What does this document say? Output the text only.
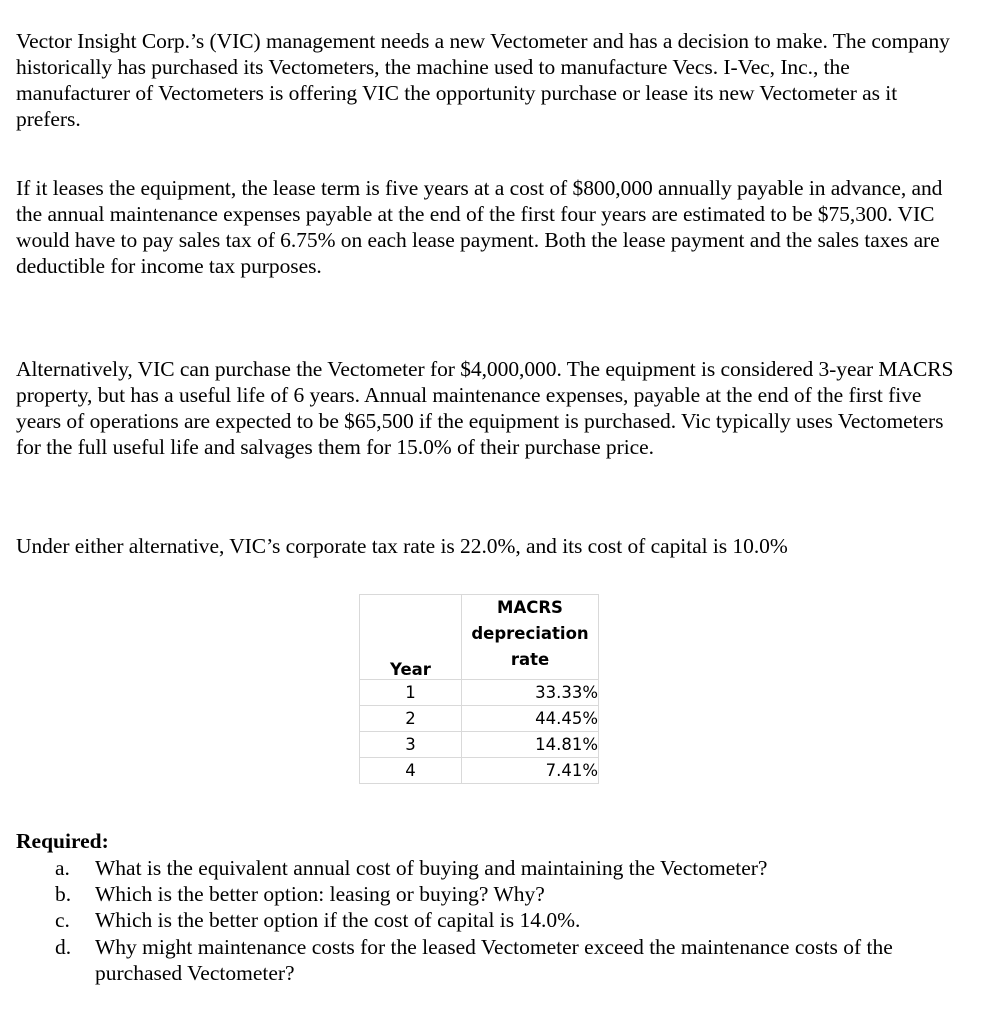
Vector Insight Corp.’s (VIC) management needs a new Vectometer and has a decision to make. The company historically has purchased its Vectometers, the machine used to manufacture Vecs. I-Vec, Inc., the manufacturer of Vectometers is offering VIC the opportunity purchase or lease its new Vectometer as it prefers.

If it leases the equipment, the lease term is five years at a cost of $800,000 annually payable in advance, and the annual maintenance expenses payable at the end of the first four years are estimated to be $75,300. VIC would have to pay sales tax of 6.75% on each lease payment. Both the lease payment and the sales taxes are deductible for income tax purposes.

Alternatively, VIC can purchase the Vectometer for $4,000,000. The equipment is considered 3-year MACRS property, but has a useful life of 6 years. Annual maintenance expenses, payable at the end of the first five years of operations are expected to be $65,500 if the equipment is purchased. Vic typically uses Vectometers for the full useful life and salvages them for 15.0% of their purchase price.

Under either alternative, VIC’s corporate tax rate is 22.0%, and its cost of capital is 10.0%

Year	MACRS
depreciation
rate
1	33.33%
2	44.45%
3	14.81%
4	7.41%
Required:
a.	What is the equivalent annual cost of buying and maintaining the Vectometer?
b.	Which is the better option: leasing or buying? Why?
c.	Which is the better option if the cost of capital is 14.0%.
d.	Why might maintenance costs for the leased Vectometer exceed the maintenance costs of the purchased Vectometer?
